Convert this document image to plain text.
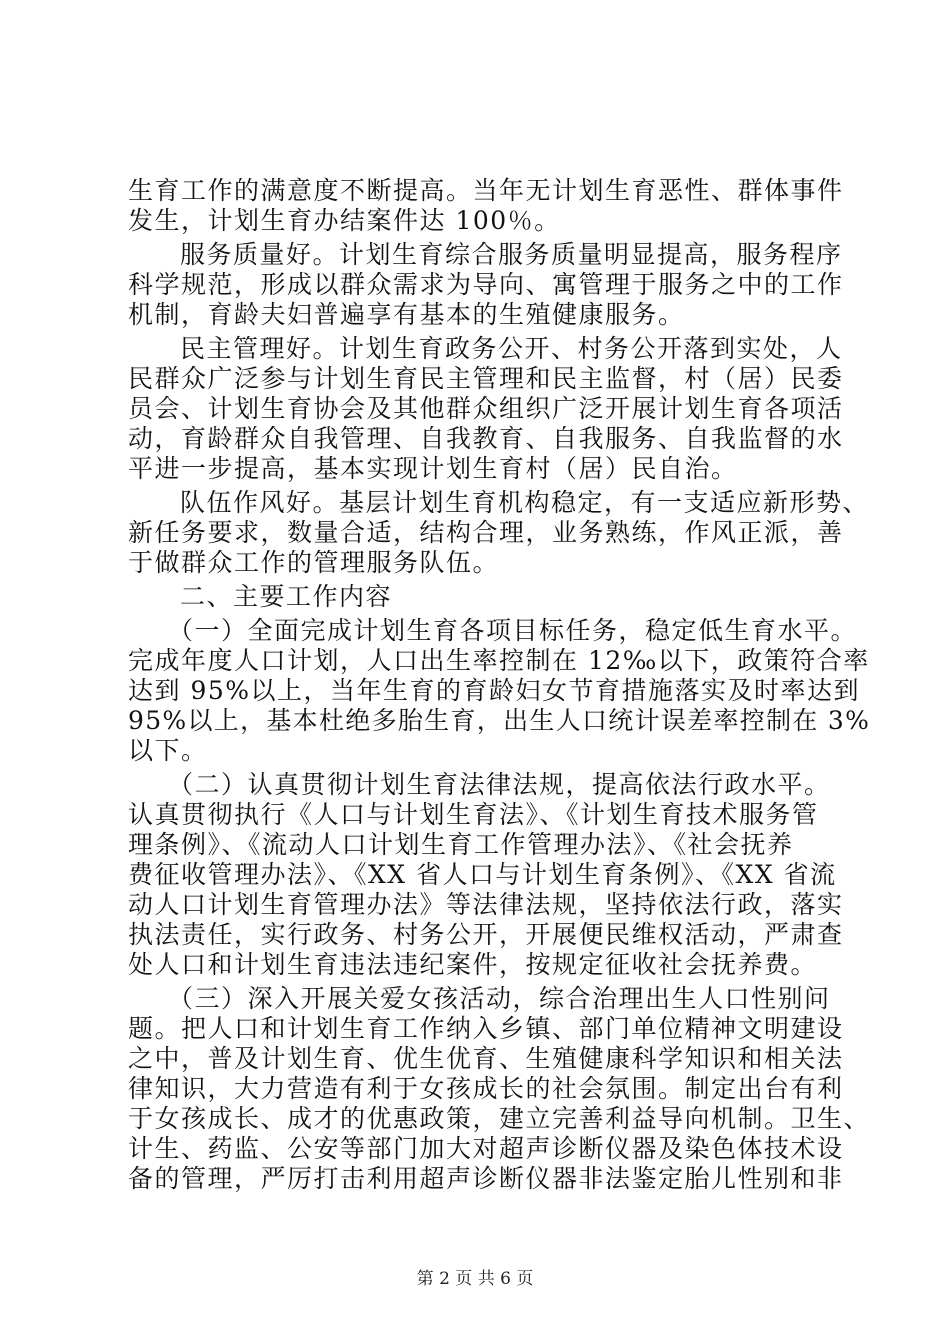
生育工作的满意度不断提高。当年无计划生育恶性、群体事件

发生，计划生育办结案件达 100％。

服务质量好。计划生育综合服务质量明显提高，服务程序

科学规范，形成以群众需求为导向、寓管理于服务之中的工作

机制，育龄夫妇普遍享有基本的生殖健康服务。

民主管理好。计划生育政务公开、村务公开落到实处，人

民群众广泛参与计划生育民主管理和民主监督，村（居）民委

员会、计划生育协会及其他群众组织广泛开展计划生育各项活

动，育龄群众自我管理、自我教育、自我服务、自我监督的水

平进一步提高，基本实现计划生育村（居）民自治。

队伍作风好。基层计划生育机构稳定，有一支适应新形势、

新任务要求，数量合适，结构合理，业务熟练，作风正派，善

于做群众工作的管理服务队伍。

二、主要工作内容

（一）全面完成计划生育各项目标任务，稳定低生育水平。

完成年度人口计划，人口出生率控制在 12‰以下，政策符合率

达到 95%以上，当年生育的育龄妇女节育措施落实及时率达到

95%以上，基本杜绝多胎生育，出生人口统计误差率控制在 3%

以下。

（二）认真贯彻计划生育法律法规，提高依法行政水平。

认真贯彻执行《人口与计划生育法》、《计划生育技术服务管

理条例》、《流动人口计划生育工作管理办法》、《社会抚养

费征收管理办法》、《XX 省人口与计划生育条例》、《XX 省流

动人口计划生育管理办法》等法律法规，坚持依法行政，落实

执法责任，实行政务、村务公开，开展便民维权活动，严肃查

处人口和计划生育违法违纪案件，按规定征收社会抚养费。

（三）深入开展关爱女孩活动，综合治理出生人口性别问

题。把人口和计划生育工作纳入乡镇、部门单位精神文明建设

之中，普及计划生育、优生优育、生殖健康科学知识和相关法

律知识，大力营造有利于女孩成长的社会氛围。制定出台有利

于女孩成长、成才的优惠政策，建立完善利益导向机制。卫生、

计生、药监、公安等部门加大对超声诊断仪器及染色体技术设

备的管理，严厉打击利用超声诊断仪器非法鉴定胎儿性别和非

第 2 页 共 6 页
